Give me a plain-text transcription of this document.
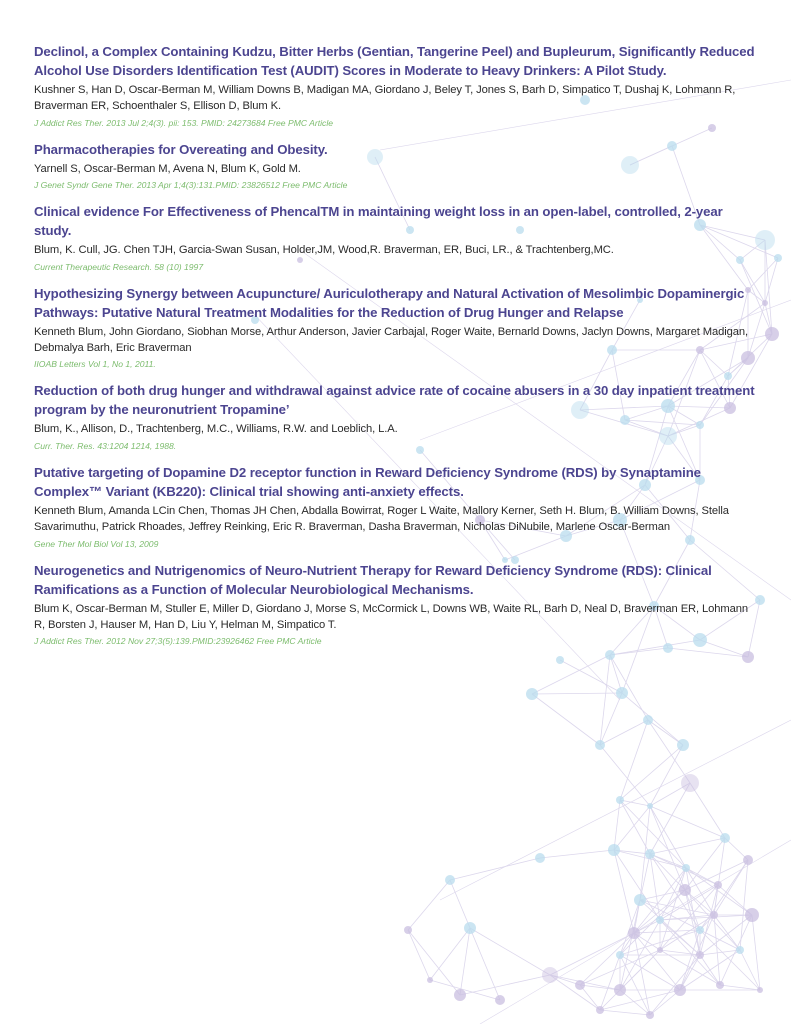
Declinol, a Complex Containing Kudzu, Bitter Herbs (Gentian, Tangerine Peel) and Bupleurum, Significantly Reduced Alcohol Use Disorders Identification Test (AUDIT) Scores in Moderate to Heavy Drinkers: A Pilot Study.
Kushner S, Han D, Oscar-Berman M, William Downs B, Madigan MA, Giordano J, Beley T, Jones S, Barh D, Simpatico T, Dushaj K, Lohmann R, Braverman ER, Schoenthaler S, Ellison D, Blum K.
J Addict Res Ther. 2013 Jul 2;4(3). pii: 153. PMID: 24273684 Free PMC Article
Pharmacotherapies for Overeating and Obesity.
Yarnell S, Oscar-Berman M, Avena N, Blum K, Gold M.
J Genet Syndr Gene Ther. 2013 Apr 1;4(3):131.PMID: 23826512 Free PMC Article
Clinical evidence For Effectiveness of PhencalTM in maintaining weight loss in an open-label, controlled, 2-year study.
Blum, K. Cull, JG. Chen TJH, Garcia-Swan Susan, Holder,JM, Wood,R. Braverman, ER, Buci, LR., & Trachtenberg,MC.
Current Therapeutic Research. 58 (10) 1997
Hypothesizing Synergy between Acupuncture/ Auriculotherapy and Natural Activation of Mesolimbic Dopaminergic Pathways: Putative Natural Treatment Modalities for the Reduction of Drug Hunger and Relapse
Kenneth Blum, John Giordano, Siobhan Morse, Arthur Anderson, Javier Carbajal, Roger Waite, Bernarld Downs, Jaclyn Downs, Margaret Madigan, Debmalya Barh, Eric Braverman
IIOAB Letters Vol 1, No 1, 2011.
Reduction of both drug hunger and withdrawal against advice rate of cocaine abusers in a 30 day inpatient treatment program by the neuronutrient Tropamine’
Blum, K., Allison, D., Trachtenberg, M.C., Williams, R.W. and Loeblich, L.A.
Curr. Ther. Res. 43:1204 1214, 1988.
Putative targeting of Dopamine D2 receptor function in Reward Deficiency Syndrome (RDS) by Synaptamine Complex™ Variant (KB220): Clinical trial showing anti-anxiety effects.
Kenneth Blum, Amanda LCin Chen, Thomas JH Chen, Abdalla Bowirrat, Roger L Waite, Mallory Kerner, Seth H. Blum, B. William Downs, Stella Savarimuthu, Patrick Rhoades, Jeffrey Reinking, Eric R. Braverman, Dasha Braverman, Nicholas DiNubile, Marlene Oscar-Berman
Gene Ther Mol Biol Vol 13, 2009
Neurogenetics and Nutrigenomics of Neuro-Nutrient Therapy for Reward Deficiency Syndrome (RDS): Clinical Ramifications as a Function of Molecular Neurobiological Mechanisms.
Blum K, Oscar-Berman M, Stuller E, Miller D, Giordano J, Morse S, McCormick L, Downs WB, Waite RL, Barh D, Neal D, Braverman ER, Lohmann R, Borsten J, Hauser M, Han D, Liu Y, Helman M, Simpatico T.
J Addict Res Ther. 2012 Nov 27;3(5):139.PMID:23926462 Free PMC Article
